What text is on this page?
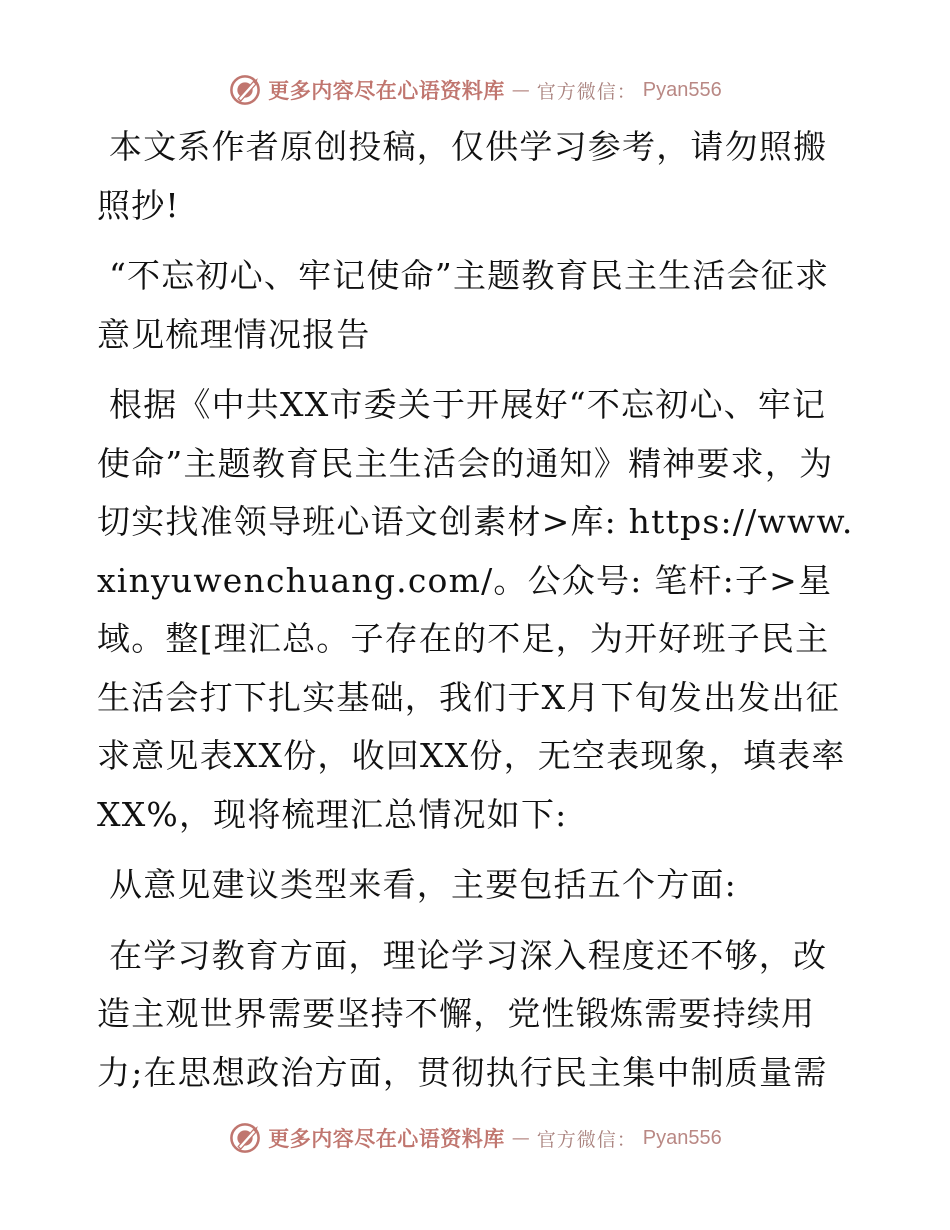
更多内容尽在心语资料库 — 官方微信： Pyan556

本文系作者原创投稿，仅供学习参考，请勿照搬照抄!

“不忘初心、牢记使命”主题教育民主生活会征求意见梳理情况报告

根据《中共XX市委关于开展好“不忘初心、牢记使命”主题教育民主生活会的通知》精神要求，为切实找准领导班心语文创素材>库: https://www.xinyuwenchuang.com/。公众号: 笔杆:子>星域。整[理汇总。子存在的不足，为开好班子民主生活会打下扎实基础，我们于X月下旬发出发出征求意见表XX份，收回XX份，无空表现象，填表率XX%，现将梳理汇总情况如下:

从意见建议类型来看，主要包括五个方面:

在学习教育方面，理论学习深入程度还不够，改造主观世界需要坚持不懈，党性锻炼需要持续用力;在思想政治方面，贯彻执行民主集中制质量需

更多内容尽在心语资料库 — 官方微信： Pyan556
